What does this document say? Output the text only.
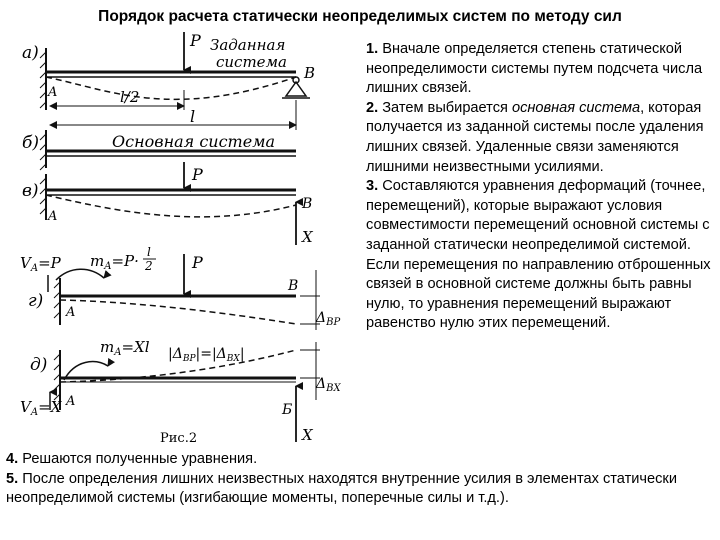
Порядок расчета статически неопределимых систем по методу сил
а)
P Заданная
система
B
A	l/2
l
б)	Основная система
в)
P
B
X
A
$V_A=P$ $m_A=P\cdot l$
2
г)
P
B
$\Delta_{BP}$
A
$|\Delta_{BP}|=|\Delta_{BX}|$
д)
$m_A=Xl$
$V_A=X$ A
$\Delta_{BX}$
Б
X
Рис.2

1. Вначале определяется степень статической неопределимости системы путем подсчета числа лишних связей.

2. Затем выбирается основная система, которая получается из заданной системы после удаления лишних связей. Удаленные связи заменяются лишними неизвестными усилиями.

3. Составляются уравнения деформаций (точнее, перемещений), которые выражают условия совместимости перемещений основной системы с заданной статически неопределимой системой. Если перемещения по направлению отброшенных связей в основной системе должны быть равны нулю, то уравнения перемещений выражают равенство нулю этих перемещений.

4. Решаются полученные уравнения.

5. После определения лишних неизвестных находятся внутренние усилия в элементах статически неопределимой системы (изгибающие моменты, поперечные силы и т.д.).
